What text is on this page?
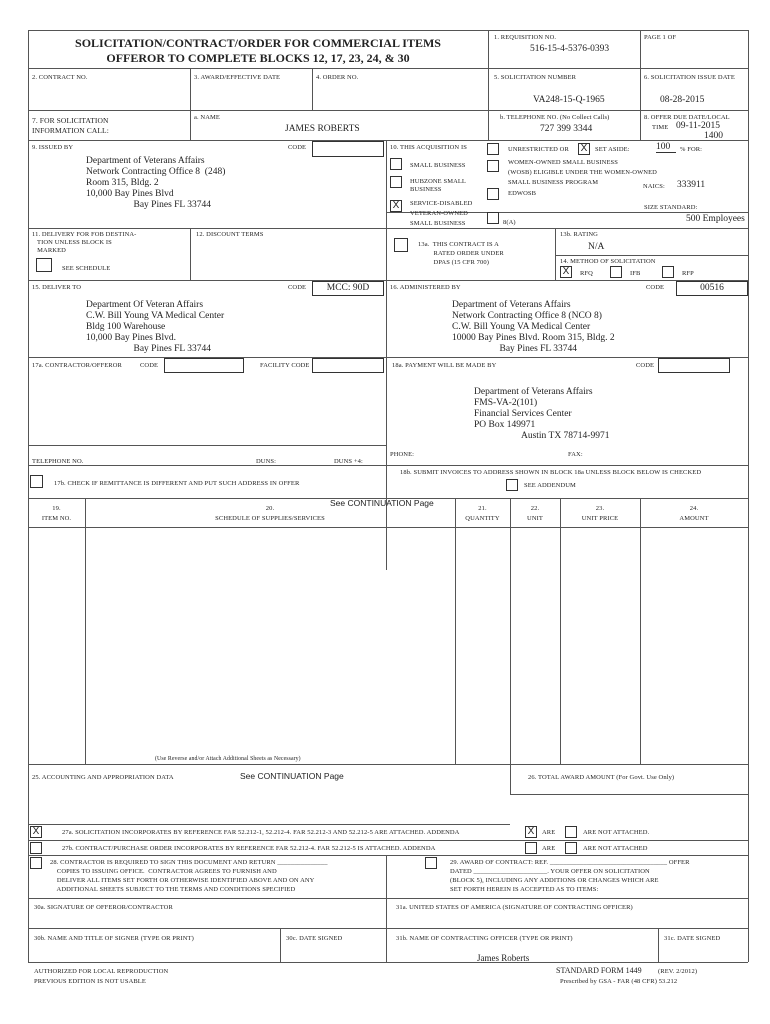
SOLICITATION/CONTRACT/ORDER FOR COMMERCIAL ITEMS
OFFEROR TO COMPLETE BLOCKS 12, 17, 23, 24, & 30
1. REQUISITION NO.
516-15-4-5376-0393
PAGE 1 OF
2. CONTRACT NO.	3. AWARD/EFFECTIVE DATE	4. ORDER NO.	5. SOLICITATION NUMBER
VA248-15-Q-1965
6. SOLICITATION ISSUE DATE
08-28-2015
7. FOR SOLICITATION
INFORMATION CALL:
a. NAME
JAMES ROBERTS
b. TELEPHONE NO. (No Collect Calls)
727 399 3344
8. OFFER DUE DATE/LOCAL
TIME 09-11-2015
1400
9. ISSUED BY	CODE
Department of Veterans Affairs
Network Contracting Office 8  (248)
Room 315, Bldg. 2
10,000 Bay Pines Blvd
Bay Pines FL 33744
10. THIS ACQUISITION IS	UNRESTRICTED OR X	SET ASIDE:	100	% FOR:
SMALL BUSINESS
HUBZONE SMALL
BUSINESS
X	SERVICE-DISABLED
VETERAN-OWNED
SMALL BUSINESS
WOMEN-OWNED SMALL BUSINESS
(WOSB) ELIGIBLE UNDER THE WOMEN-OWNED
SMALL BUSINESS PROGRAM
EDWOSB
8(A)
NAICS: 333911
SIZE STANDARD:
500 Employees
11. DELIVERY FOR FOB DESTINA-
TION UNLESS BLOCK IS
MARKED
SEE SCHEDULE
12. DISCOUNT TERMS
13a.  THIS CONTRACT IS A
RATED ORDER UNDER
DPAS (15 CFR 700)
13b. RATING
N/A
14. METHOD OF SOLICITATION
X	RFQ	IFB	RFP
15. DELIVER TO	CODE	MCC: 90D
Department Of Veteran Affairs
C.W. Bill Young VA Medical Center
Bldg 100 Warehouse
10,000 Bay Pines Blvd.
Bay Pines FL 33744
16. ADMINISTERED BY	CODE	00516
Department of Veterans Affairs
Network Contracting Office 8 (NCO 8)
C.W. Bill Young VA Medical Center
10000 Bay Pines Blvd. Room 315, Bldg. 2
Bay Pines FL 33744
17a. CONTRACTOR/OFFEROR	CODE	FACILITY CODE
TELEPHONE NO.	DUNS:	DUNS +4:
17b. CHECK IF REMITTANCE IS DIFFERENT AND PUT SUCH ADDRESS IN OFFER
18a. PAYMENT WILL BE MADE BY	CODE
Department of Veterans Affairs
FMS-VA-2(101)
Financial Services Center
PO Box 149971
Austin TX 78714-9971
PHONE:	FAX:
18b. SUBMIT INVOICES TO ADDRESS SHOWN IN BLOCK 18a UNLESS BLOCK BELOW IS CHECKED
SEE ADDENDUM
19.
ITEM NO.
20.
SCHEDULE OF SUPPLIES/SERVICES
See CONTINUATION Page
21.
QUANTITY
22.
UNIT
23.
UNIT PRICE
24.
AMOUNT
(Use Reverse and/or Attach Additional Sheets as Necessary)
25. ACCOUNTING AND APPROPRIATION DATA	See CONTINUATION Page	26. TOTAL AWARD AMOUNT (For Govt. Use Only)
X	27a. SOLICITATION INCORPORATES BY REFERENCE FAR 52.212-1, 52.212-4. FAR 52.212-3 AND 52.212-5 ARE ATTACHED. ADDENDA	X	ARE	ARE NOT ATTACHED.
27b. CONTRACT/PURCHASE ORDER INCORPORATES BY REFERENCE FAR 52.212-4. FAR 52.212-5 IS ATTACHED. ADDENDA	ARE	ARE NOT ATTACHED
28. CONTRACTOR IS REQUIRED TO SIGN THIS DOCUMENT AND RETURN _______________
COPIES TO ISSUING OFFICE.  CONTRACTOR AGREES TO FURNISH AND
DELIVER ALL ITEMS SET FORTH OR OTHERWISE IDENTIFIED ABOVE AND ON ANY
ADDITIONAL SHEETS SUBJECT TO THE TERMS AND CONDITIONS SPECIFIED
29. AWARD OF CONTRACT: REF. ___________________________________ OFFER
DATED ______________________. YOUR OFFER ON SOLICITATION
(BLOCK 5), INCLUDING ANY ADDITIONS OR CHANGES WHICH ARE
SET FORTH HEREIN IS ACCEPTED AS TO ITEMS:
30a. SIGNATURE OF OFFEROR/CONTRACTOR	31a. UNITED STATES OF AMERICA (SIGNATURE OF CONTRACTING OFFICER)
30b. NAME AND TITLE OF SIGNER (TYPE OR PRINT)	30c. DATE SIGNED	31b. NAME OF CONTRACTING OFFICER (TYPE OR PRINT)	31c. DATE SIGNED
James Roberts
AUTHORIZED FOR LOCAL REPRODUCTION
PREVIOUS EDITION IS NOT USABLE
STANDARD FORM 1449	(REV. 2/2012)
Prescribed by GSA - FAR (48 CFR) 53.212
